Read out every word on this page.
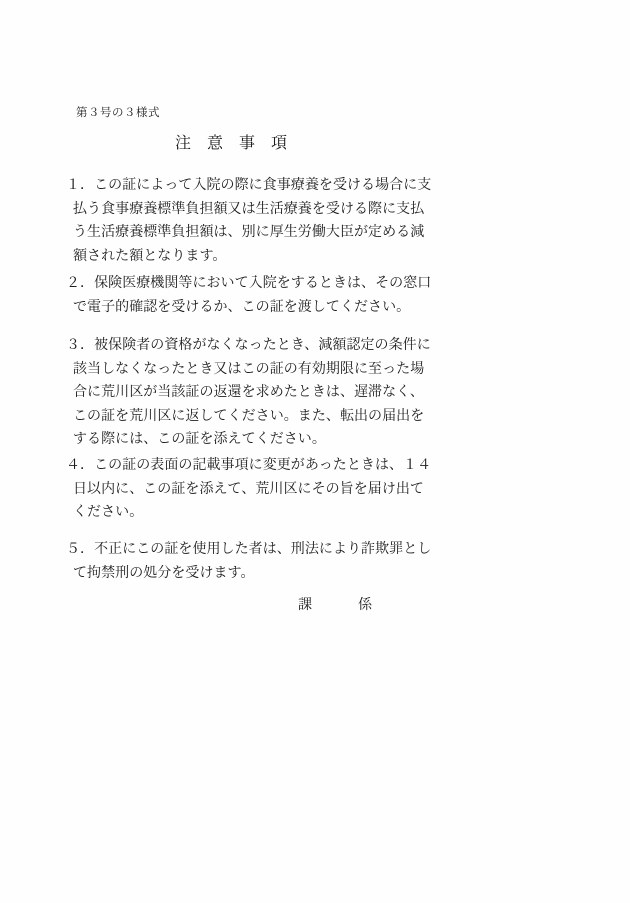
第３号の３様式
注　意　事　項
１．この証によって入院の際に食事療養を受ける場合に支
払う食事療養標準負担額又は生活療養を受ける際に支払
う生活療養標準負担額は、別に厚生労働大臣が定める減
額された額となります。
２．保険医療機関等において入院をするときは、その窓口
で電子的確認を受けるか、この証を渡してください。
３．被保険者の資格がなくなったとき、減額認定の条件に
該当しなくなったとき又はこの証の有効期限に至った場
合に荒川区が当該証の返還を求めたときは、遅滞なく、
この証を荒川区に返してください。また、転出の届出を
する際には、この証を添えてください。
４．この証の表面の記載事項に変更があったときは、１４
日以内に、この証を添えて、荒川区にその旨を届け出て
ください。
５．不正にこの証を使用した者は、刑法により詐欺罪とし
て拘禁刑の処分を受けます。
課	係
